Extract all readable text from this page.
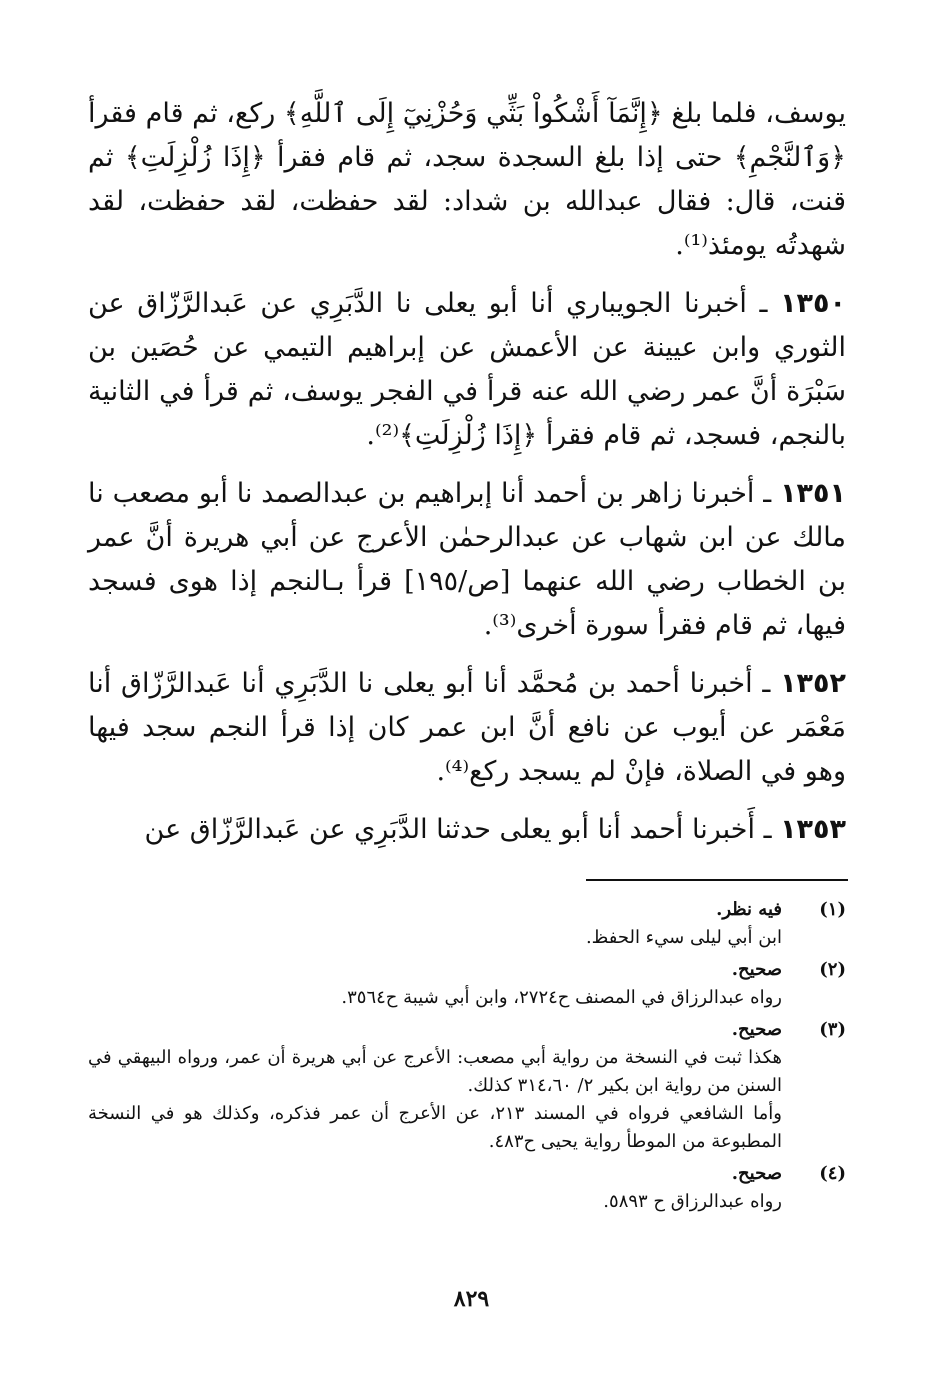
يوسف، فلما بلغ ﴿إِنَّمَآ أَشْكُواْ بَثِّي وَحُزْنِيٓ إِلَى ٱللَّهِ﴾ ركع، ثم قام فقرأ ﴿وَٱلنَّجْمِ﴾ حتى إذا بلغ السجدة سجد، ثم قام فقرأ ﴿إِذَا زُلْزِلَتِ﴾ ثم قنت، قال: فقال عبدالله بن شداد: لقد حفظت، لقد حفظت، لقد شهدتُه يومئذ⁽¹⁾.

١٣٥٠ ـ أخبرنا الجويباري أنا أبو يعلى نا الدَّبَرِي عن عَبدالرَّزّاق عن الثوري وابن عيينة عن الأعمش عن إبراهيم التيمي عن حُصَين بن سَبْرَة أنَّ عمر رضي الله عنه قرأ في الفجر يوسف، ثم قرأ في الثانية بالنجم، فسجد، ثم قام فقرأ ﴿إِذَا زُلْزِلَتِ﴾⁽²⁾.

١٣٥١ ـ أخبرنا زاهر بن أحمد أنا إبراهيم بن عبدالصمد نا أبو مصعب نا مالك عن ابن شهاب عن عبدالرحمٰن الأعرج عن أبي هريرة أنَّ عمر بن الخطاب رضي الله عنهما [ص/١٩٥] قرأ بـالنجم إذا هوى فسجد فيها، ثم قام فقرأ سورة أخرى⁽³⁾.

١٣٥٢ ـ أخبرنا أحمد بن مُحمَّد أنا أبو يعلى نا الدَّبَرِي أنا عَبدالرَّزّاق أنا مَعْمَر عن أيوب عن نافع أنَّ ابن عمر كان إذا قرأ النجم سجد فيها وهو في الصلاة، فإنْ لم يسجد ركع⁽⁴⁾.

١٣٥٣ ـ أَخبرنا أحمد أنا أبو يعلى حدثنا الدَّبَرِي عن عَبدالرَّزّاق عن

(١)

فيه نظر.

ابن أبي ليلى سيء الحفظ.

(٢)

صحيح.

رواه عبدالرزاق في المصنف ح٢٧٢٤، وابن أبي شيبة ح٣٥٦٤.

(٣)

صحيح.

هكذا ثبت في النسخة من رواية أبي مصعب: الأعرج عن أبي هريرة أن عمر، ورواه البيهقي في السنن من رواية ابن بكير ٢/ ٣١٤،٦٠ كذلك.

وأما الشافعي فرواه في المسند ٢١٣، عن الأعرج أن عمر فذكره، وكذلك هو في النسخة المطبوعة من الموطأ رواية يحيى ح٤٨٣.

(٤)

صحيح.

رواه عبدالرزاق ح ٥٨٩٣.

٨٢٩
